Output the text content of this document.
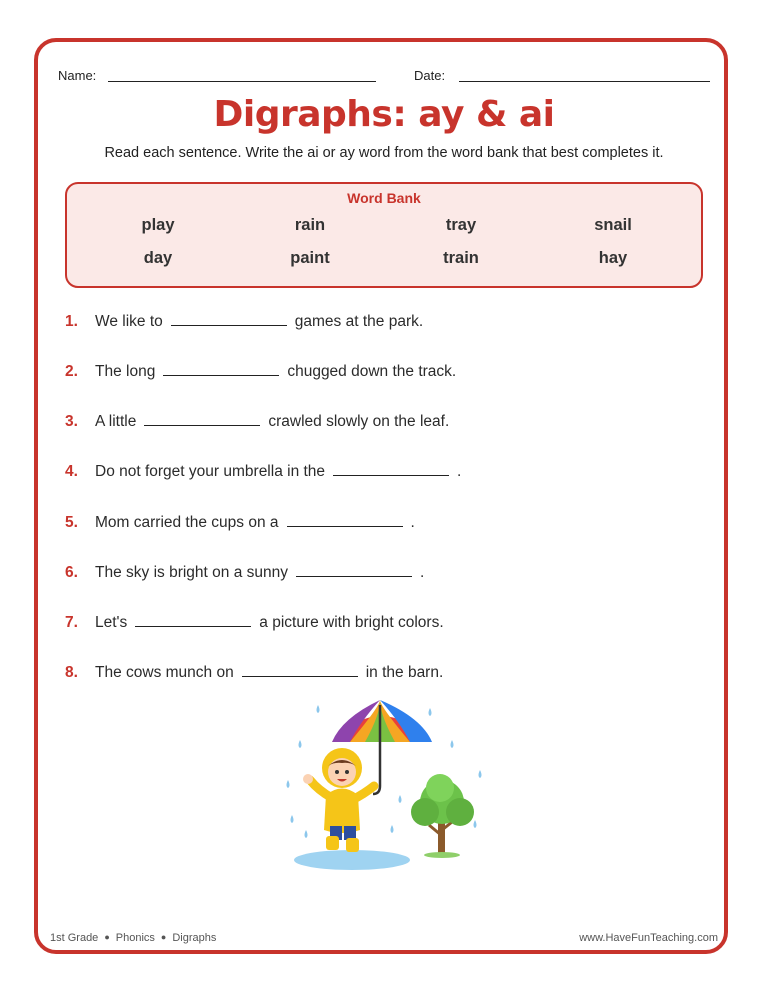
Name:	Date:
Digraphs: ay & ai
Read each sentence. Write the ai or ay word from the word bank that best completes it.
Word Bank
play	rain	tray	snail
day	paint	train	hay
1. We like to	games at the park.
2. The long	chugged down the track.
3. A little	crawled slowly on the leaf.
4. Do not forget your umbrella in the	.
5. Mom carried the cups on a	.
6. The sky is bright on a sunny	.
7. Let's	a picture with bright colors.
8. The cows munch on	in the barn.
1st Grade ● Phonics ● Digraphs	www.HaveFunTeaching.com
